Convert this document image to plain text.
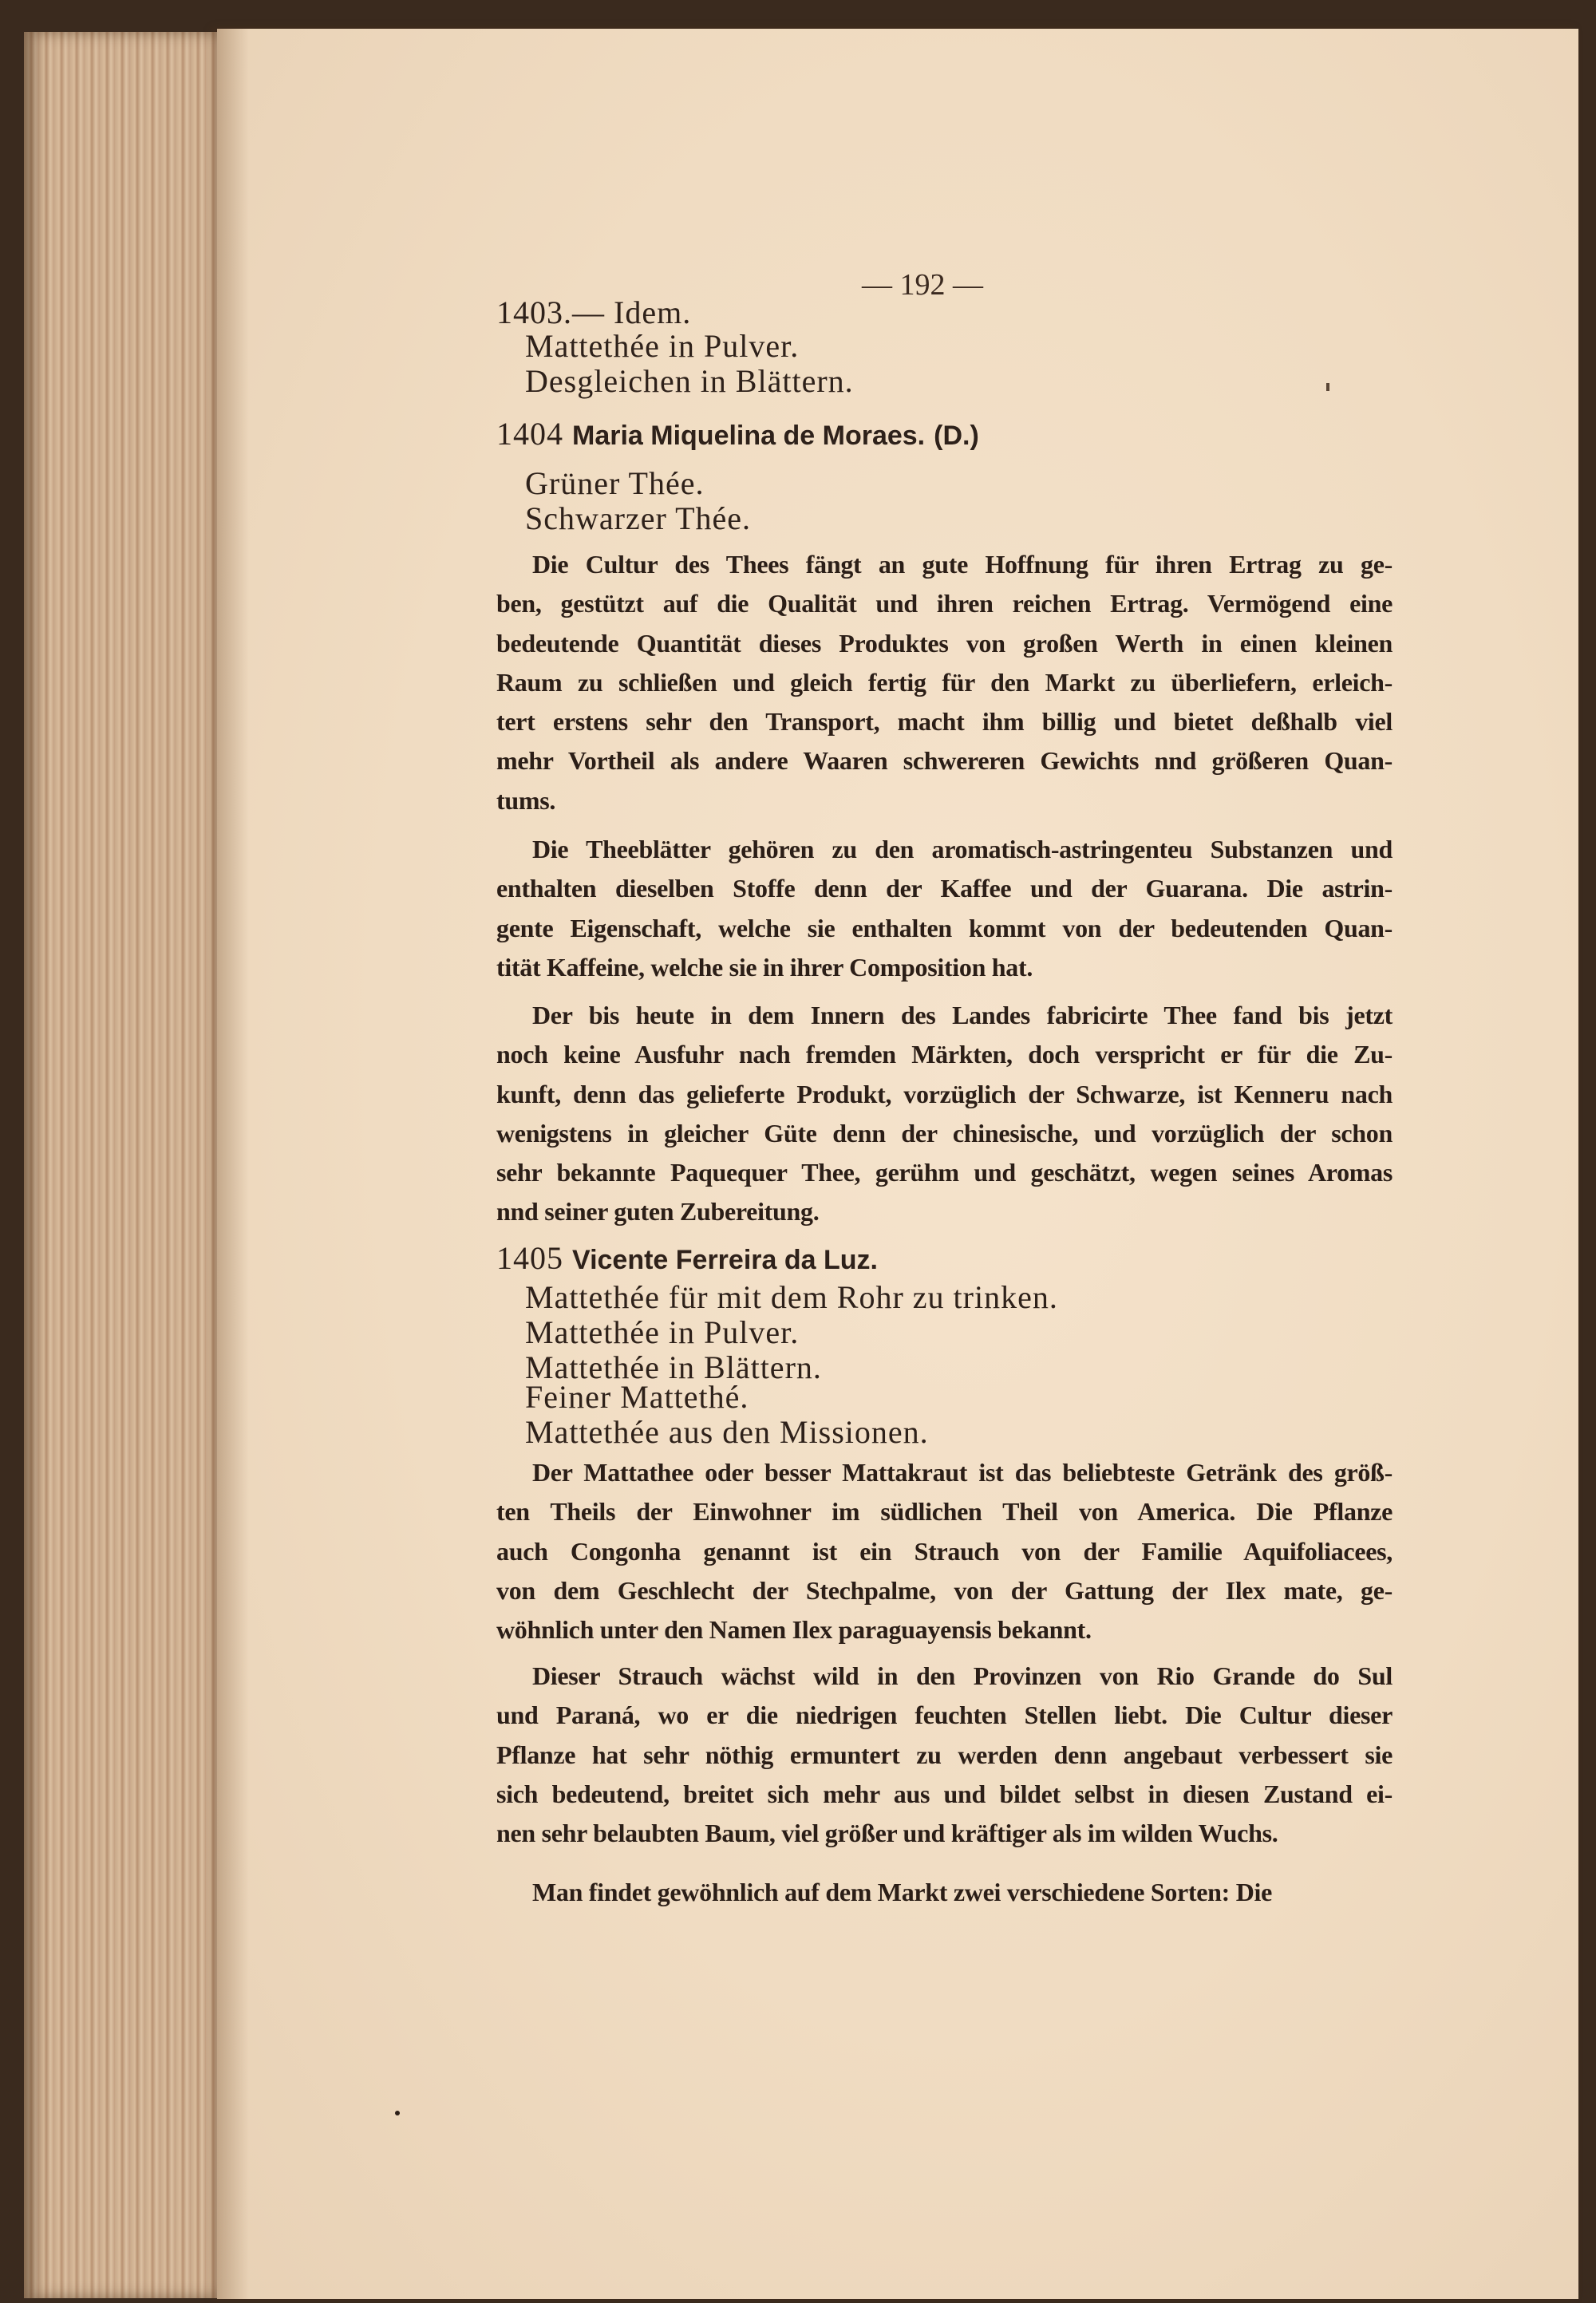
— 192 —
1403.— Idem.
Mattethée in Pulver.
Desgleichen in Blättern.
1404 Maria Miquelina de Moraes. (D.)
Grüner Thée.
Schwarzer Thée.
Die Cultur des Thees fängt an gute Hoffnung für ihren Ertrag zu ge-
ben, gestützt auf die Qualität und ihren reichen Ertrag. Vermögend eine
bedeutende Quantität dieses Produktes von großen Werth in einen kleinen
Raum zu schließen und gleich fertig für den Markt zu überliefern, erleich-
tert erstens sehr den Transport, macht ihm billig und bietet deßhalb viel
mehr Vortheil als andere Waaren schwereren Gewichts nnd größeren Quan-
tums.
Die Theeblätter gehören zu den aromatisch-astringenteu Substanzen und
enthalten dieselben Stoffe denn der Kaffee und der Guarana. Die astrin-
gente Eigenschaft, welche sie enthalten kommt von der bedeutenden Quan-
tität Kaffeine, welche sie in ihrer Composition hat.
Der bis heute in dem Innern des Landes fabricirte Thee fand bis jetzt
noch keine Ausfuhr nach fremden Märkten, doch verspricht er für die Zu-
kunft, denn das gelieferte Produkt, vorzüglich der Schwarze, ist Kenneru nach
wenigstens in gleicher Güte denn der chinesische, und vorzüglich der schon
sehr bekannte Paquequer Thee, gerühm und geschätzt, wegen seines Aromas
nnd seiner guten Zubereitung.
1405 Vicente Ferreira da Luz.
Mattethée für mit dem Rohr zu trinken.
Mattethée in Pulver.
Mattethée in Blättern.
Feiner Mattethé.
Mattethée aus den Missionen.
Der Mattathee oder besser Mattakraut ist das beliebteste Getränk des größ-
ten Theils der Einwohner im südlichen Theil von America. Die Pflanze
auch Congonha genannt ist ein Strauch von der Familie Aquifoliacees,
von dem Geschlecht der Stechpalme, von der Gattung der Ilex mate, ge-
wöhnlich unter den Namen Ilex paraguayensis bekannt.
Dieser Strauch wächst wild in den Provinzen von Rio Grande do Sul
und Paraná, wo er die niedrigen feuchten Stellen liebt. Die Cultur dieser
Pflanze hat sehr nöthig ermuntert zu werden denn angebaut verbessert sie
sich bedeutend, breitet sich mehr aus und bildet selbst in diesen Zustand ei-
nen sehr belaubten Baum, viel größer und kräftiger als im wilden Wuchs.
Man findet gewöhnlich auf dem Markt zwei verschiedene Sorten: Die
